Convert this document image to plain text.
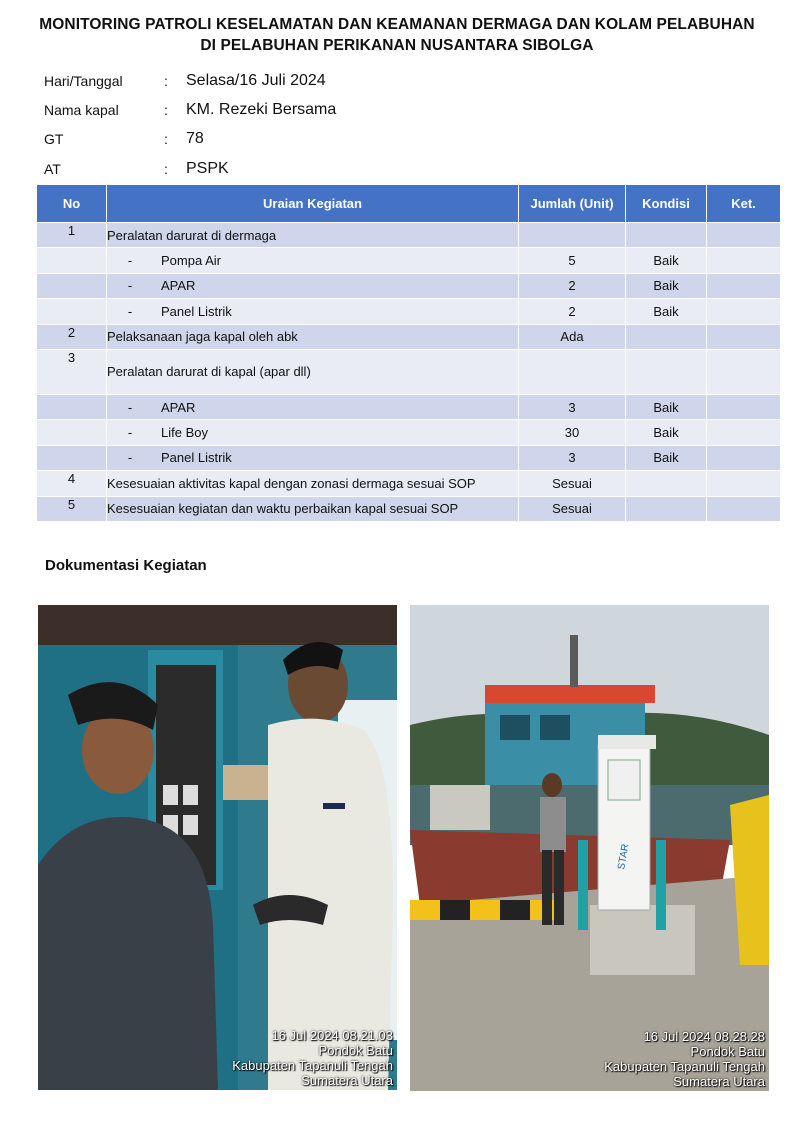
MONITORING PATROLI KESELAMATAN DAN KEAMANAN DERMAGA DAN KOLAM PELABUHAN
DI PELABUHAN PERIKANAN NUSANTARA SIBOLGA
Hari/Tanggal	:	Selasa/16 Juli 2024
Nama kapal	:	KM. Rezeki Bersama
GT	:	78
AT	:	PSPK
No	Uraian Kegiatan	Jumlah (Unit)	Kondisi	Ket.
1	Peralatan darurat di dermaga			

	- Pompa Air	5	Baik	

	- APAR	2	Baik	

	- Panel Listrik	2	Baik	
2	Pelaksanaan jaga kapal oleh abk	Ada		
3	Peralatan darurat di kapal (apar dll)			

	- APAR	3	Baik	

	- Life Boy	30	Baik	

	- Panel Listrik	3	Baik	
4	Kesesuaian aktivitas kapal dengan zonasi dermaga sesuai SOP	Sesuai		
5	Kesesuaian kegiatan dan waktu perbaikan kapal sesuai SOP	Sesuai		
Dokumentasi Kegiatan
16 Jul 2024 08.21.03
Pondok Batu
Kabupaten Tapanuli Tengah
Sumatera Utara
STAR
16 Jul 2024 08.28.28
Pondok Batu
Kabupaten Tapanuli Tengah
Sumatera Utara
